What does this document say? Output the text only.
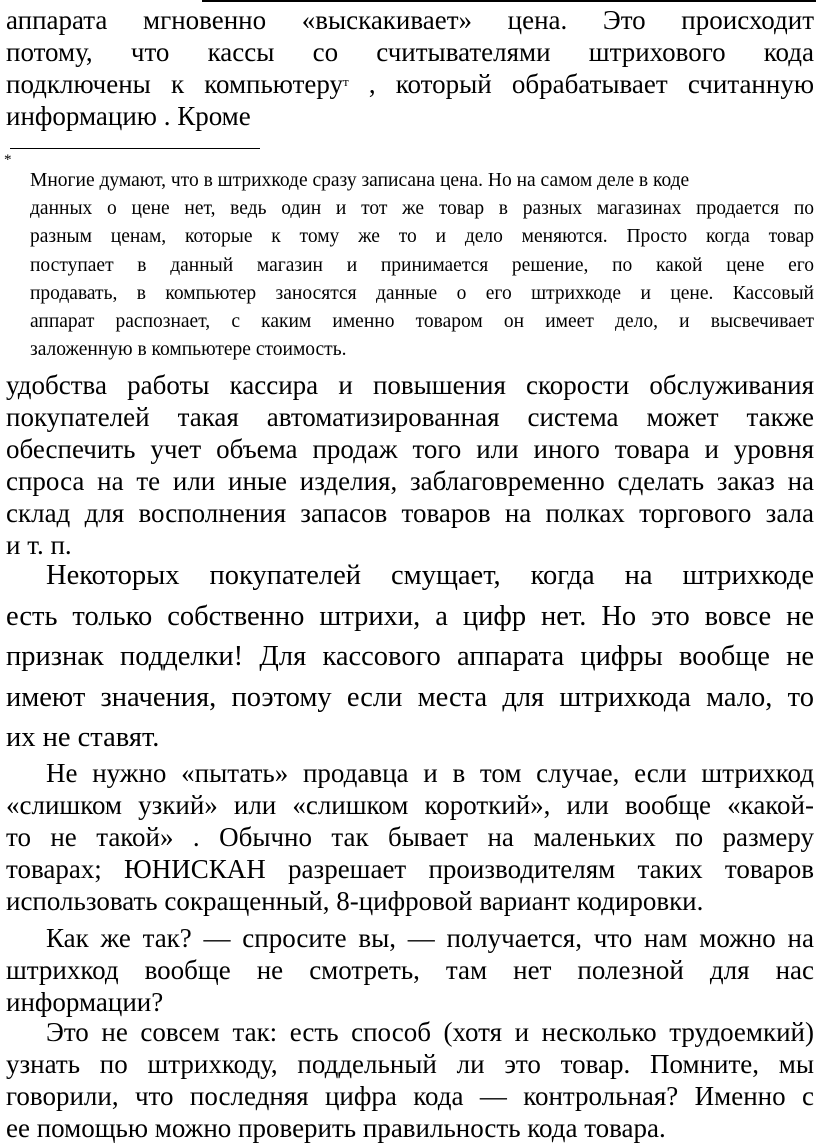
аппарата мгновенно «выскакивает» цена. Это происходит
потому, что кассы со считывателями штрихового кода
подключены к компьютеру$^т$ , который обрабатывает считанную
информацию . Кроме
*
Многие думают, что в штрихкоде сразу записана цена. Но на самом деле в коде
данных о цене нет, ведь один и тот же товар в разных магазинах продается по
разным ценам, которые к тому же то и дело меняются. Просто когда товар
поступает в данный магазин и принимается решение, по какой цене его
продавать, в компьютер заносятся данные о его штрихкоде и цене. Кассовый
аппарат распознает, с каким именно товаром он имеет дело, и высвечивает
заложенную в компьютере стоимость.
удобства работы кассира и повышения скорости обслуживания
покупателей такая автоматизированная система может также
обеспечить учет объема продаж того или иного товара и уровня
спроса на те или иные изделия, заблаговременно сделать заказ на
склад для восполнения запасов товаров на полках торгового зала
и т. п.
Некоторых покупателей смущает, когда на штрихкоде
есть только собственно штрихи, а цифр нет. Но это вовсе не
признак подделки! Для кассового аппарата цифры вообще не
имеют значения, поэтому если места для штрихкода мало, то
их не ставят.
Не нужно «пытать» продавца и в том случае, если штрихкод
«слишком узкий» или «слишком короткий», или вообще «какой-
то не такой» . Обычно так бывает на маленьких по размеру
товарах; ЮНИСКАН разрешает производителям таких товаров
использовать сокращенный, 8-цифровой вариант кодировки.
Как же так? — спросите вы, — получается, что нам можно на
штрихкод вообще не смотреть, там нет полезной для нас
информации?
Это не совсем так: есть способ (хотя и несколько трудоемкий)
узнать по штрихкоду, поддельный ли это товар. Помните, мы
говорили, что последняя цифра кода — контрольная? Именно с
ее помощью можно проверить правильность кода товара.
